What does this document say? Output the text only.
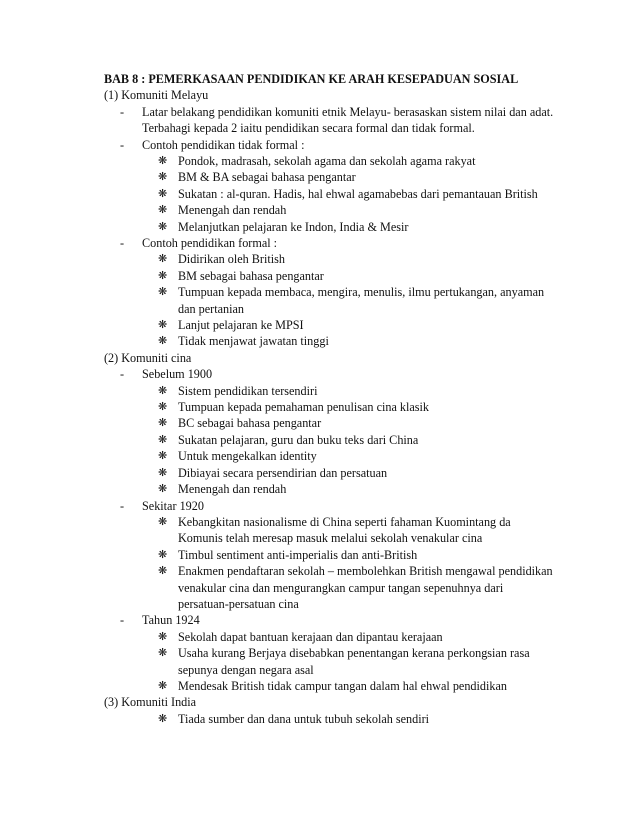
BAB 8 : PEMERKASAAN PENDIDIKAN KE ARAH KESEPADUAN SOSIAL
(1) Komuniti Melayu
- Latar belakang pendidikan komuniti etnik Melayu- berasaskan sistem nilai dan adat.
Terbahagi kepada 2 iaitu pendidikan secara formal dan tidak formal.
- Contoh pendidikan tidak formal :
❋ Pondok, madrasah, sekolah agama dan sekolah agama rakyat
❋ BM & BA sebagai bahasa pengantar
❋ Sukatan : al-quran. Hadis, hal ehwal agamabebas dari pemantauan British
❋ Menengah dan rendah
❋ Melanjutkan pelajaran ke Indon, India & Mesir
- Contoh pendidikan formal :
❋ Didirikan oleh British
❋ BM sebagai bahasa pengantar
❋ Tumpuan kepada membaca, mengira, menulis, ilmu pertukangan, anyaman
dan pertanian
❋ Lanjut pelajaran ke MPSI
❋ Tidak menjawat jawatan tinggi
(2) Komuniti cina
- Sebelum 1900
❋ Sistem pendidikan tersendiri
❋ Tumpuan kepada pemahaman penulisan cina klasik
❋ BC sebagai bahasa pengantar
❋ Sukatan pelajaran, guru dan buku teks dari China
❋ Untuk mengekalkan identity
❋ Dibiayai secara persendirian dan persatuan
❋ Menengah dan rendah
- Sekitar 1920
❋ Kebangkitan nasionalisme di China seperti fahaman Kuomintang da
Komunis telah meresap masuk melalui sekolah venakular cina
❋ Timbul sentiment anti-imperialis dan anti-British
❋ Enakmen pendaftaran sekolah – membolehkan British mengawal pendidikan
venakular cina dan mengurangkan campur tangan sepenuhnya dari
persatuan-persatuan cina
- Tahun 1924
❋ Sekolah dapat bantuan kerajaan dan dipantau kerajaan
❋ Usaha kurang Berjaya disebabkan penentangan kerana perkongsian rasa
sepunya dengan negara asal
❋ Mendesak British tidak campur tangan dalam hal ehwal pendidikan
(3) Komuniti India
❋ Tiada sumber dan dana untuk tubuh sekolah sendiri
